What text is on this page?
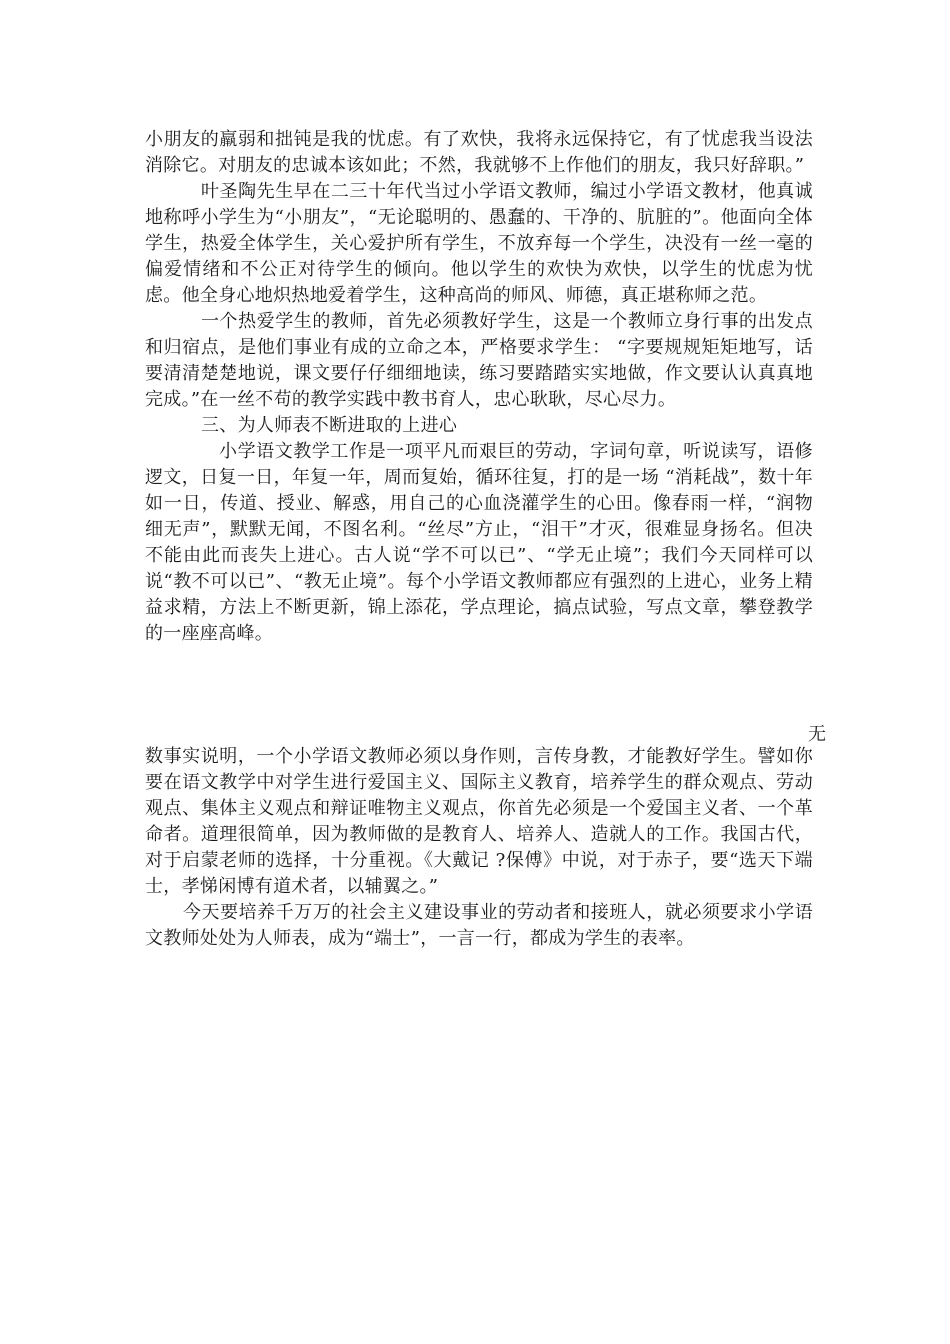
小朋友的羸弱和拙钝是我的忧虑。有了欢快，我将永远保持它，有了忧虑我当设法消除它。对朋友的忠诚本该如此；不然，我就够不上作他们的朋友，我只好辞职。”

叶圣陶先生早在二三十年代当过小学语文教师，编过小学语文教材，他真诚地称呼小学生为“小朋友”，“无论聪明的、愚蠢的、干净的、肮脏的”。他面向全体学生，热爱全体学生，关心爱护所有学生，不放弃每一个学生，决没有一丝一毫的偏爱情绪和不公正对待学生的倾向。他以学生的欢快为欢快，以学生的忧虑为忧虑。他全身心地炽热地爱着学生，这种高尚的师风、师德，真正堪称师之范。

一个热爱学生的教师，首先必须教好学生，这是一个教师立身行事的出发点和归宿点，是他们事业有成的立命之本，严格要求学生： “字要规规矩矩地写，话要清清楚楚地说，课文要仔仔细细地读，练习要踏踏实实地做，作文要认认真真地完成。”在一丝不苟的教学实践中教书育人，忠心耿耿，尽心尽力。

三、为人师表不断进取的上进心

小学语文教学工作是一项平凡而艰巨的劳动，字词句章，听说读写，语修逻文，日复一日，年复一年，周而复始，循环往复，打的是一场 “消耗战”，数十年如一日，传道、授业、解惑，用自己的心血浇灌学生的心田。像春雨一样，“润物细无声”，默默无闻，不图名利。“丝尽”方止，“泪干”才灭，很难显身扬名。但决不能由此而丧失上进心。古人说“学不可以已”、“学无止境”；我们今天同样可以说“教不可以已”、“教无止境”。每个小学语文教师都应有强烈的上进心，业务上精益求精，方法上不断更新，锦上添花，学点理论，搞点试验，写点文章，攀登教学的一座座高峰。

无

数事实说明，一个小学语文教师必须以身作则，言传身教，才能教好学生。譬如你要在语文教学中对学生进行爱国主义、国际主义教育，培养学生的群众观点、劳动观点、集体主义观点和辩证唯物主义观点，你首先必须是一个爱国主义者、一个革命者。道理很简单，因为教师做的是教育人、培养人、造就人的工作。我国古代，对于启蒙老师的选择，十分重视。《大戴记 ?保傅》中说，对于赤子，要“选天下端士，孝悌闲博有道术者，以辅翼之。”

今天要培养千万万的社会主义建设事业的劳动者和接班人，就必须要求小学语文教师处处为人师表，成为“端士”，一言一行，都成为学生的表率。
